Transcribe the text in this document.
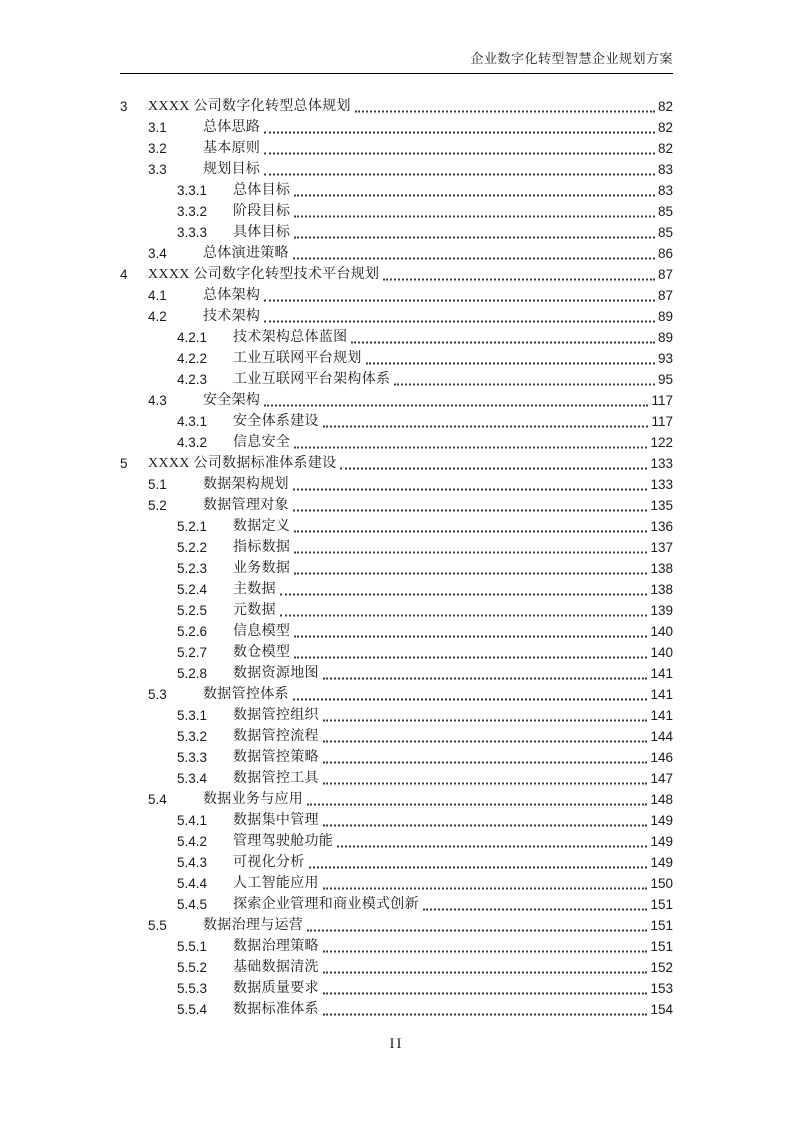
企业数字化转型智慧企业规划方案
3	XXXX 公司数字化转型总体规划	82
3.1	总体思路	82
3.2	基本原则	82
3.3	规划目标	83
3.3.1	总体目标	83
3.3.2	阶段目标	85
3.3.3	具体目标	85
3.4	总体演进策略	86
4	XXXX 公司数字化转型技术平台规划	87
4.1	总体架构	87
4.2	技术架构	89
4.2.1	技术架构总体蓝图	89
4.2.2	工业互联网平台规划	93
4.2.3	工业互联网平台架构体系	95
4.3	安全架构	117
4.3.1	安全体系建设	117
4.3.2	信息安全	122
5	XXXX 公司数据标准体系建设	133
5.1	数据架构规划	133
5.2	数据管理对象	135
5.2.1	数据定义	136
5.2.2	指标数据	137
5.2.3	业务数据	138
5.2.4	主数据	138
5.2.5	元数据	139
5.2.6	信息模型	140
5.2.7	数仓模型	140
5.2.8	数据资源地图	141
5.3	数据管控体系	141
5.3.1	数据管控组织	141
5.3.2	数据管控流程	144
5.3.3	数据管控策略	146
5.3.4	数据管控工具	147
5.4	数据业务与应用	148
5.4.1	数据集中管理	149
5.4.2	管理驾驶舱功能	149
5.4.3	可视化分析	149
5.4.4	人工智能应用	150
5.4.5	探索企业管理和商业模式创新	151
5.5	数据治理与运营	151
5.5.1	数据治理策略	151
5.5.2	基础数据清洗	152
5.5.3	数据质量要求	153
5.5.4	数据标准体系	154
II
